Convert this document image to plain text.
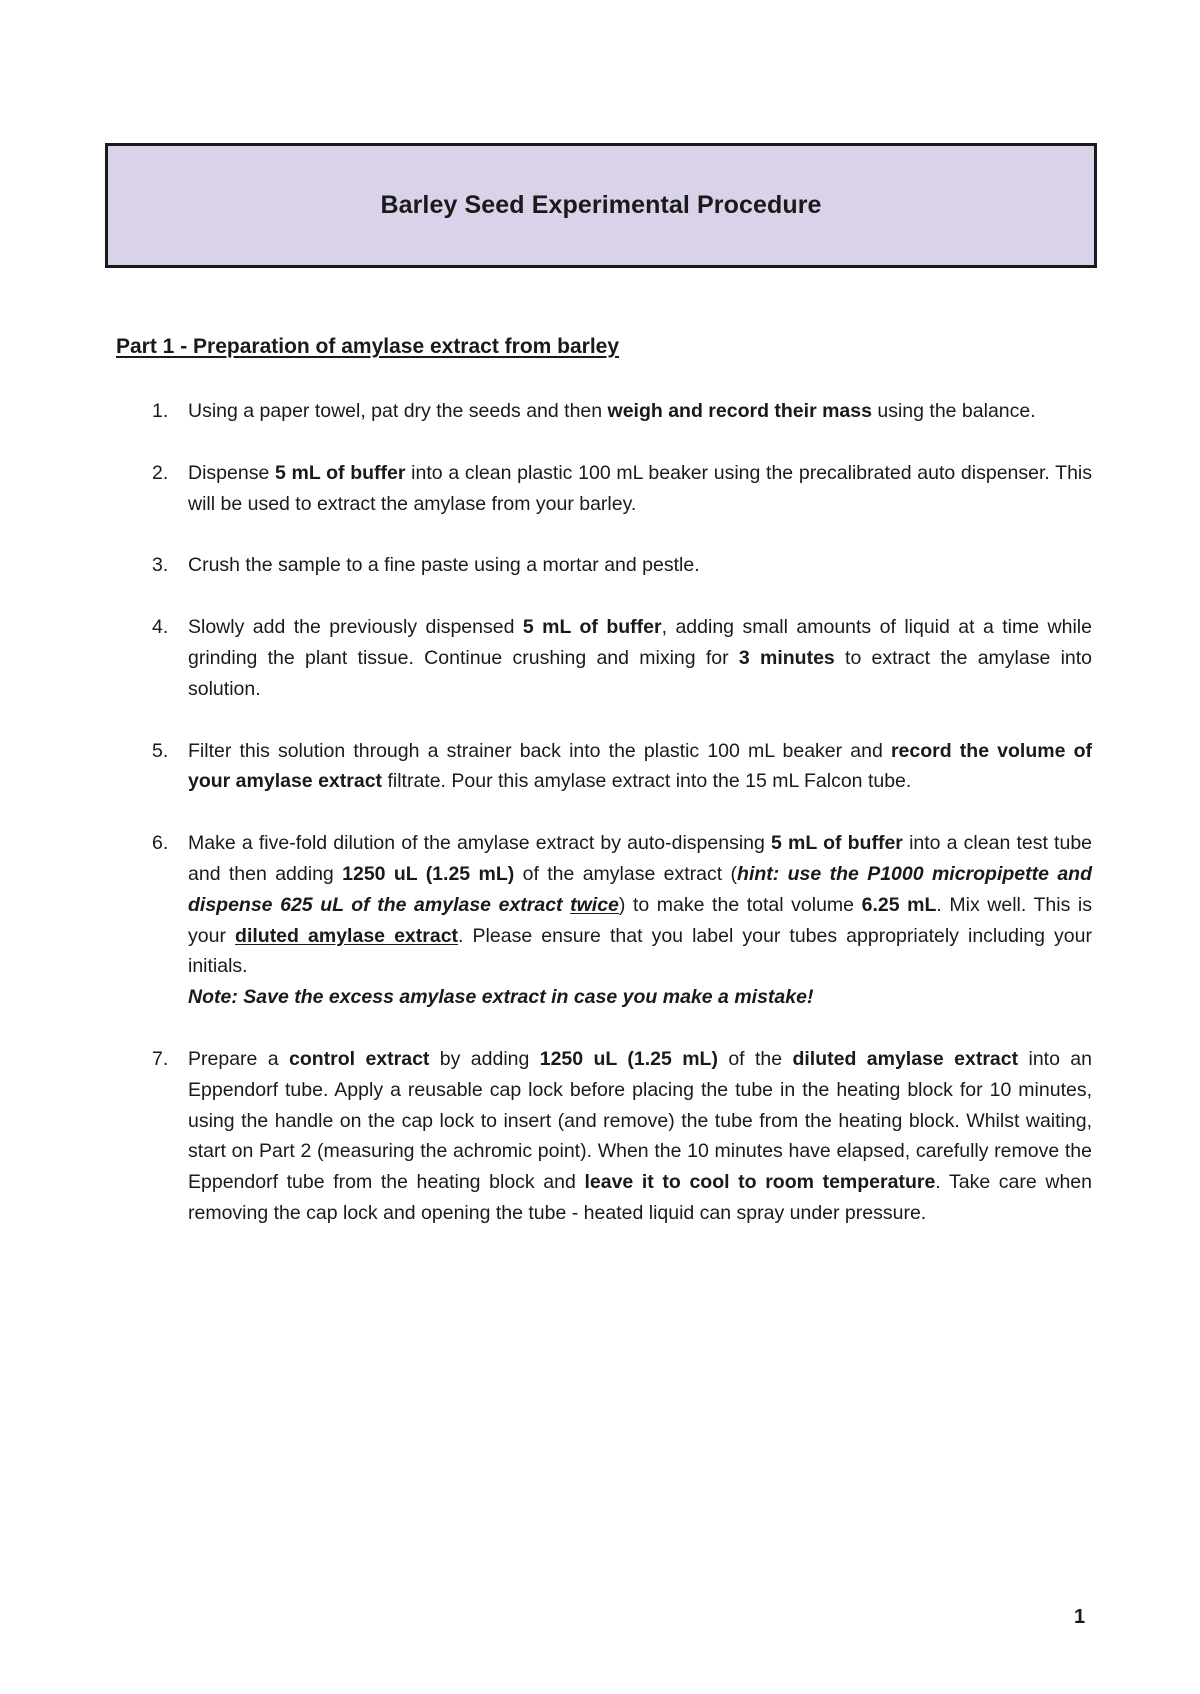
Barley Seed Experimental Procedure
Part 1 - Preparation of amylase extract from barley
1. Using a paper towel, pat dry the seeds and then weigh and record their mass using the balance.
2. Dispense 5 mL of buffer into a clean plastic 100 mL beaker using the precalibrated auto dispenser. This will be used to extract the amylase from your barley.
3. Crush the sample to a fine paste using a mortar and pestle.
4. Slowly add the previously dispensed 5 mL of buffer, adding small amounts of liquid at a time while grinding the plant tissue. Continue crushing and mixing for 3 minutes to extract the amylase into solution.
5. Filter this solution through a strainer back into the plastic 100 mL beaker and record the volume of your amylase extract filtrate. Pour this amylase extract into the 15 mL Falcon tube.
6. Make a five-fold dilution of the amylase extract by auto-dispensing 5 mL of buffer into a clean test tube and then adding 1250 uL (1.25 mL) of the amylase extract (hint: use the P1000 micropipette and dispense 625 uL of the amylase extract twice) to make the total volume 6.25 mL. Mix well. This is your diluted amylase extract. Please ensure that you label your tubes appropriately including your initials.
Note: Save the excess amylase extract in case you make a mistake!
7. Prepare a control extract by adding 1250 uL (1.25 mL) of the diluted amylase extract into an Eppendorf tube. Apply a reusable cap lock before placing the tube in the heating block for 10 minutes, using the handle on the cap lock to insert (and remove) the tube from the heating block. Whilst waiting, start on Part 2 (measuring the achromic point). When the 10 minutes have elapsed, carefully remove the Eppendorf tube from the heating block and leave it to cool to room temperature. Take care when removing the cap lock and opening the tube - heated liquid can spray under pressure.
1
